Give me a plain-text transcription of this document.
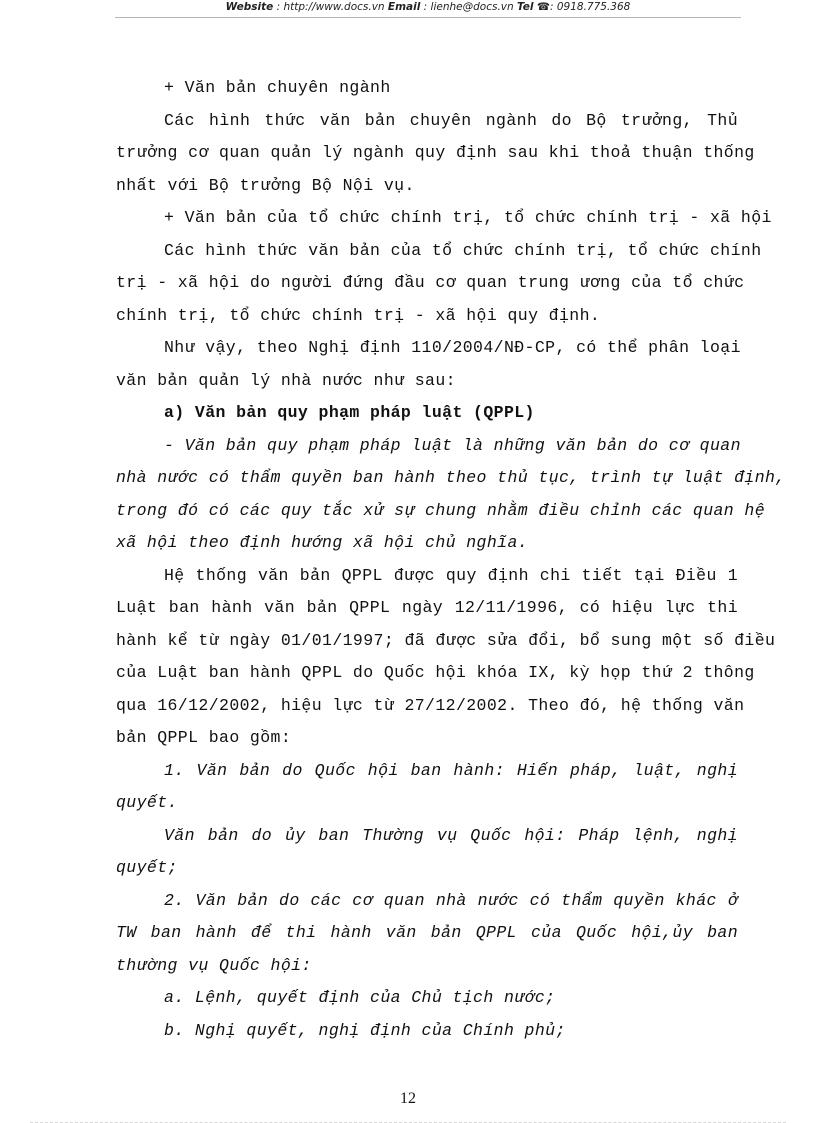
Website : http://www.docs.vn Email : lienhe@docs.vn Tel ☎: 0918.775.368
+ Văn bản chuyên ngành
Các hình thức văn bản chuyên ngành do Bộ trưởng, Thủ
trưởng cơ quan quản lý ngành quy định sau khi thoả thuận thống
nhất với Bộ trưởng Bộ Nội vụ.
+ Văn bản của tổ chức chính trị, tổ chức chính trị - xã hội
Các hình thức văn bản của tổ chức chính trị, tổ chức chính
trị - xã hội do người đứng đầu cơ quan trung ương của tổ chức
chính trị, tổ chức chính trị - xã hội quy định.
Như vậy, theo Nghị định 110/2004/NĐ-CP, có thể phân loại
văn bản quản lý nhà nước như sau:
a) Văn bản quy phạm pháp luật (QPPL)
- Văn bản quy phạm pháp luật là những văn bản do cơ quan
nhà nước có thẩm quyền ban hành theo thủ tục, trình tự luật định,
trong đó có các quy tắc xử sự chung nhằm điều chỉnh các quan hệ
xã hội theo định hướng xã hội chủ nghĩa.
Hệ thống văn bản QPPL được quy định chi tiết tại Điều 1
Luật ban hành văn bản QPPL ngày 12/11/1996, có hiệu lực thi
hành kể từ ngày 01/01/1997; đã được sửa đổi, bổ sung một số điều
của Luật ban hành QPPL do Quốc hội khóa IX, kỳ họp thứ 2 thông
qua 16/12/2002, hiệu lực từ 27/12/2002. Theo đó, hệ thống văn
bản QPPL bao gồm:
1. Văn bản do Quốc hội ban hành: Hiến pháp, luật, nghị
quyết.
Văn bản do ủy ban Thường vụ Quốc hội: Pháp lệnh, nghị
quyết;
2. Văn bản do các cơ quan nhà nước có thẩm quyền khác ở
TW ban hành để thi hành văn bản QPPL của Quốc hội,ủy ban
thường vụ Quốc hội:
a. Lệnh, quyết định của Chủ tịch nước;
b. Nghị quyết, nghị định của Chính phủ;
12
